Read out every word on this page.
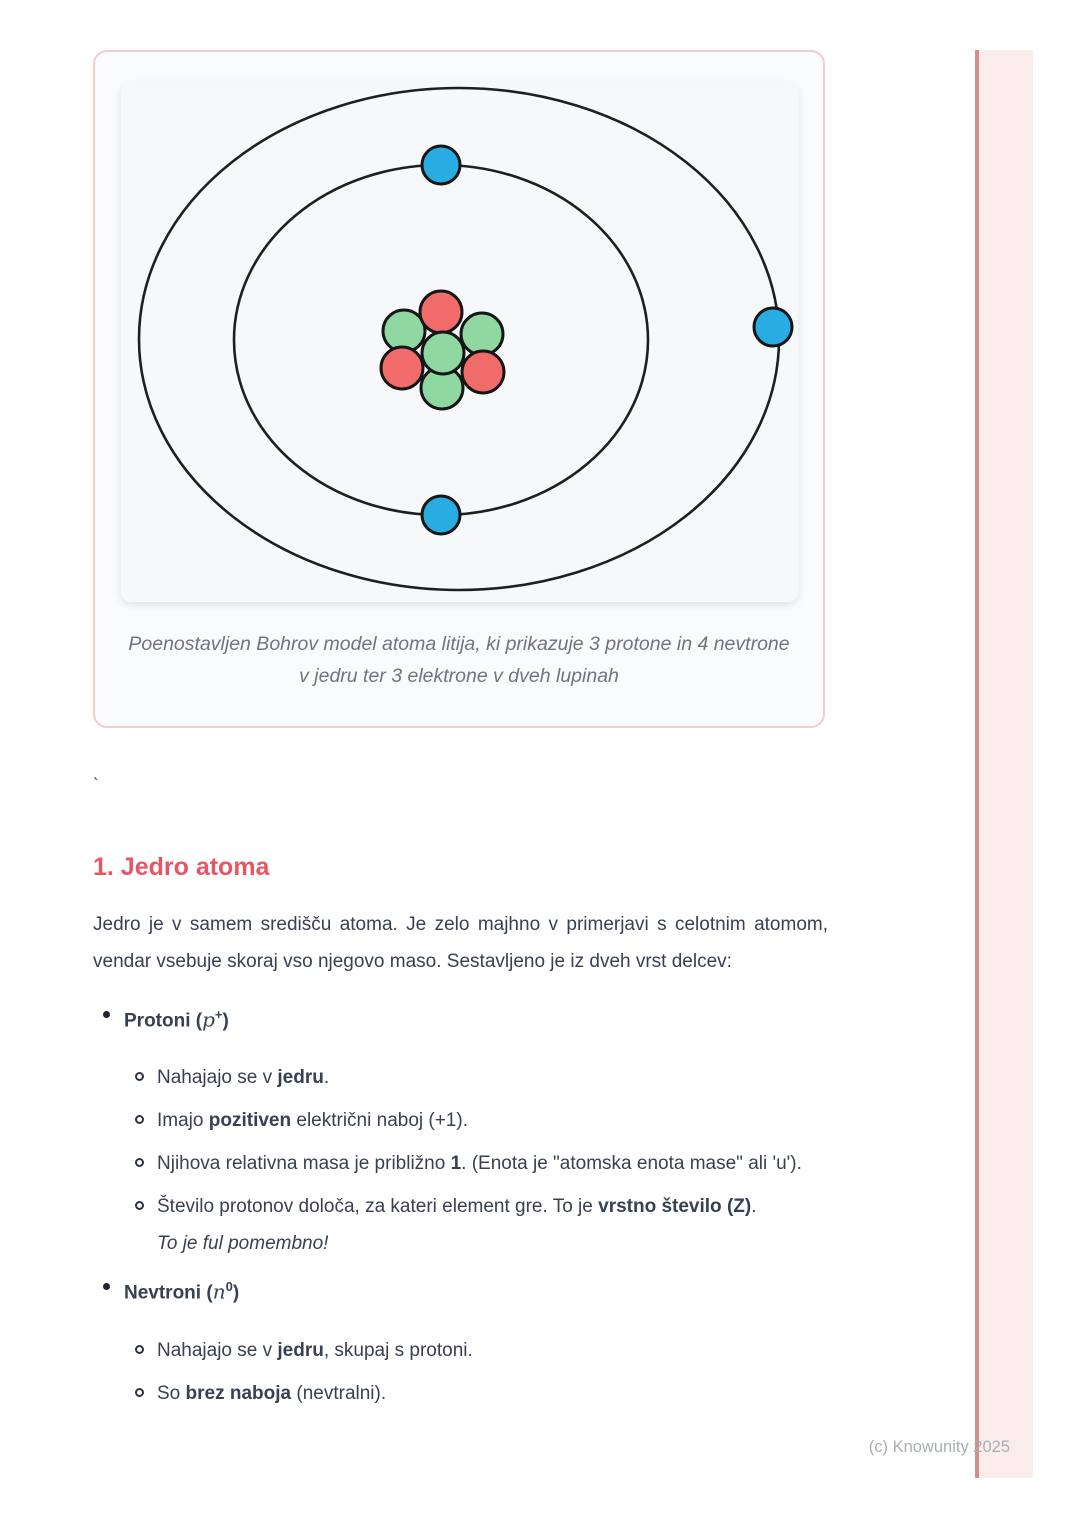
Poenostavljen Bohrov model atoma litija, ki prikazuje 3 protone in 4 nevtrone v jedru ter 3 elektrone v dveh lupinah
`
1. Jedro atoma
Jedro je v samem središču atoma. Je zelo majhno v primerjavi s celotnim atomom, vendar vsebuje skoraj vso njegovo maso. Sestavljeno je iz dveh vrst delcev:
Protoni (p+)
Nahajajo se v jedru.
Imajo pozitiven električni naboj (+1).
Njihova relativna masa je približno 1. (Enota je "atomska enota mase" ali 'u').
Število protonov določa, za kateri element gre. To je vrstno število (Z).
To je ful pomembno!
Nevtroni $(n^0)$
Nahajajo se v jedru, skupaj s protoni.
So brez naboja (nevtralni).
(c) Knowunity 2025
